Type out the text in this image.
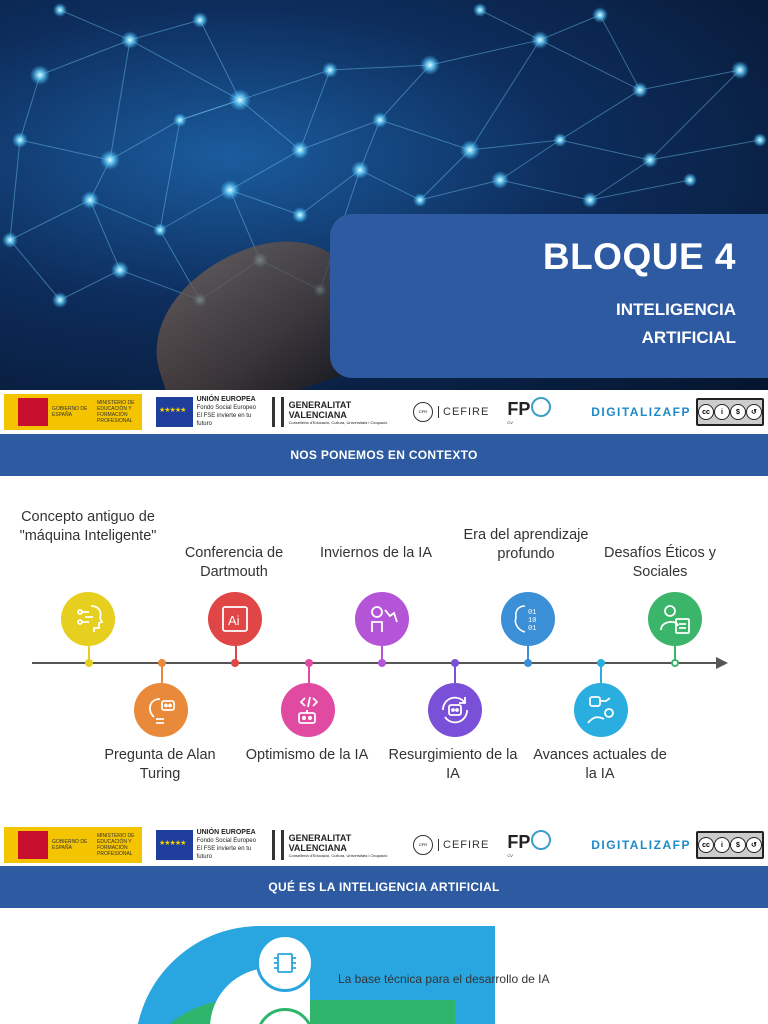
BLOQUE 4
INTELIGENCIA
ARTIFICIAL
GOBIERNO DE ESPAÑA
MINISTERIO DE EDUCACIÓN Y FORMACIÓN PROFESIONAL
★★★★★
UNIÓN EUROPEA
Fondo Social Europeo
El FSE invierte en tu futuro
GENERALITAT VALENCIANA
Conselleria d'Educació, Cultura, Universitats i Ocupació
CFR	CEFIRE FP
CV
DIGITALIZAFP	cc	i	$	↺
NOS PONEMOS EN CONTEXTO
Concepto antiguo de "máquina Inteligente"
Conferencia de Dartmouth
Inviernos de la IA
Era del aprendizaje profundo	Desafíos Éticos y Sociales
Ai	01
10
01
Pregunta de Alan Turing
Optimismo de la IA	Resurgimiento de la IA
Avances actuales de la IA
GOBIERNO DE ESPAÑA
MINISTERIO DE EDUCACIÓN Y FORMACIÓN PROFESIONAL
★★★★★
UNIÓN EUROPEA
Fondo Social Europeo
El FSE invierte en tu futuro
GENERALITAT VALENCIANA
Conselleria d'Educació, Cultura, Universitats i Ocupació
CFR	CEFIRE FP
CV
DIGITALIZAFP	cc	i	$	↺
QUÉ ES LA INTELIGENCIA ARTIFICIAL
Informática
La base técnica para el desarrollo de IA
Ingeniería
